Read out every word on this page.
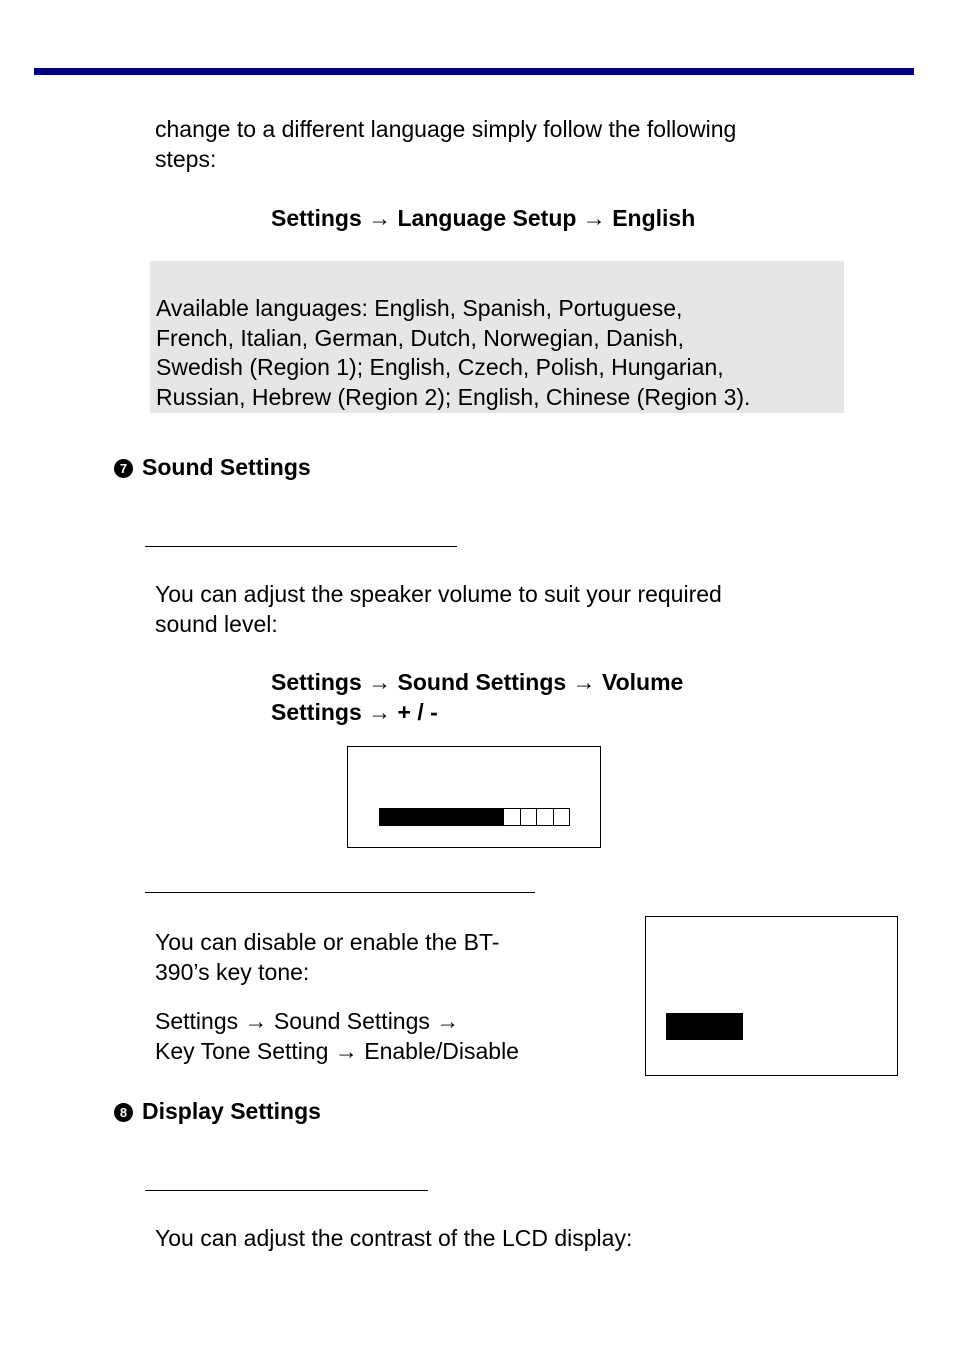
change to a different language simply follow the following
steps:
Settings → Language Setup → English
Available languages: English, Spanish, Portuguese,
French, Italian, German, Dutch, Norwegian, Danish,
Swedish (Region 1); English, Czech, Polish, Hungarian,
Russian, Hebrew (Region 2); English, Chinese (Region 3).
7 Sound Settings
You can adjust the speaker volume to suit your required
sound level:
Settings → Sound Settings → Volume
Settings → + / -
You can disable or enable the BT-
390’s key tone:
Settings → Sound Settings →
Key Tone Setting → Enable/Disable
8 Display Settings
You can adjust the contrast of the LCD display:
